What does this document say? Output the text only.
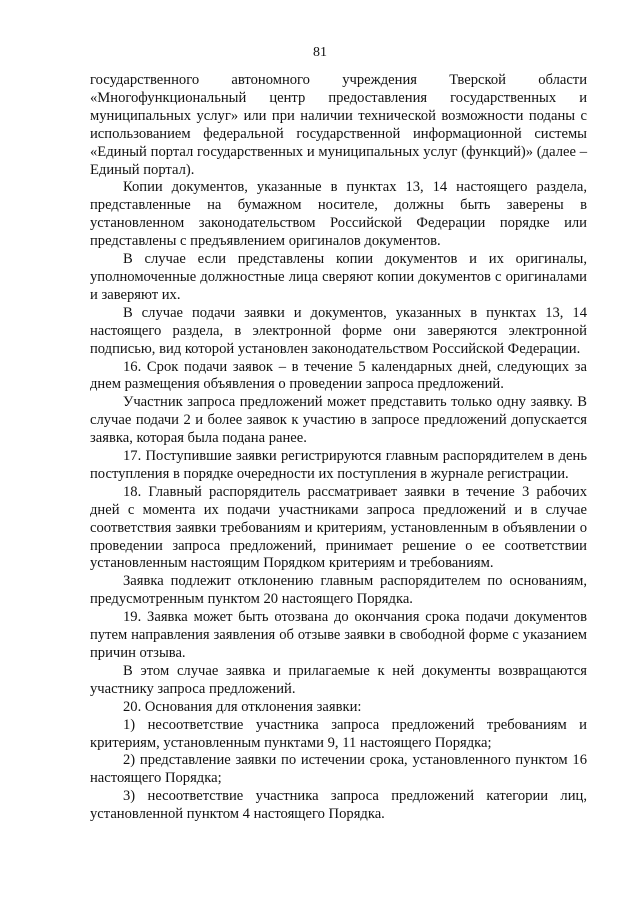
81

государственного автономного учреждения Тверской области «Многофункциональный центр предоставления государственных и муниципальных услуг» или при наличии технической возможности поданы с использованием федеральной государственной информационной системы «Единый портал государственных и муниципальных услуг (функций)» (далее – Единый портал).

Копии документов, указанные в пунктах 13, 14 настоящего раздела, представленные на бумажном носителе, должны быть заверены в установленном законодательством Российской Федерации порядке или представлены с предъявлением оригиналов документов.

В случае если представлены копии документов и их оригиналы, уполномоченные должностные лица сверяют копии документов с оригиналами и заверяют их.

В случае подачи заявки и документов, указанных в пунктах 13, 14 настоящего раздела, в электронной форме они заверяются электронной подписью, вид которой установлен законодательством Российской Федерации.

16. Срок подачи заявок – в течение 5 календарных дней, следующих за днем размещения объявления о проведении запроса предложений.

Участник запроса предложений может представить только одну заявку. В случае подачи 2 и более заявок к участию в запросе предложений допускается заявка, которая была подана ранее.

17. Поступившие заявки регистрируются главным распорядителем в день поступления в порядке очередности их поступления в журнале регистрации.

18. Главный распорядитель рассматривает заявки в течение 3 рабочих дней с момента их подачи участниками запроса предложений и в случае соответствия заявки требованиям и критериям, установленным в объявлении о проведении запроса предложений, принимает решение о ее соответствии установленным настоящим Порядком критериям и требованиям.

Заявка подлежит отклонению главным распорядителем по основаниям, предусмотренным пунктом 20 настоящего Порядка.

19. Заявка может быть отозвана до окончания срока подачи документов путем направления заявления об отзыве заявки в свободной форме с указанием причин отзыва.

В этом случае заявка и прилагаемые к ней документы возвращаются участнику запроса предложений.

20. Основания для отклонения заявки:

1) несоответствие участника запроса предложений требованиям и критериям, установленным пунктами 9, 11 настоящего Порядка;

2) представление заявки по истечении срока, установленного пунктом 16 настоящего Порядка;

3) несоответствие участника запроса предложений категории лиц, установленной пунктом 4 настоящего Порядка.
